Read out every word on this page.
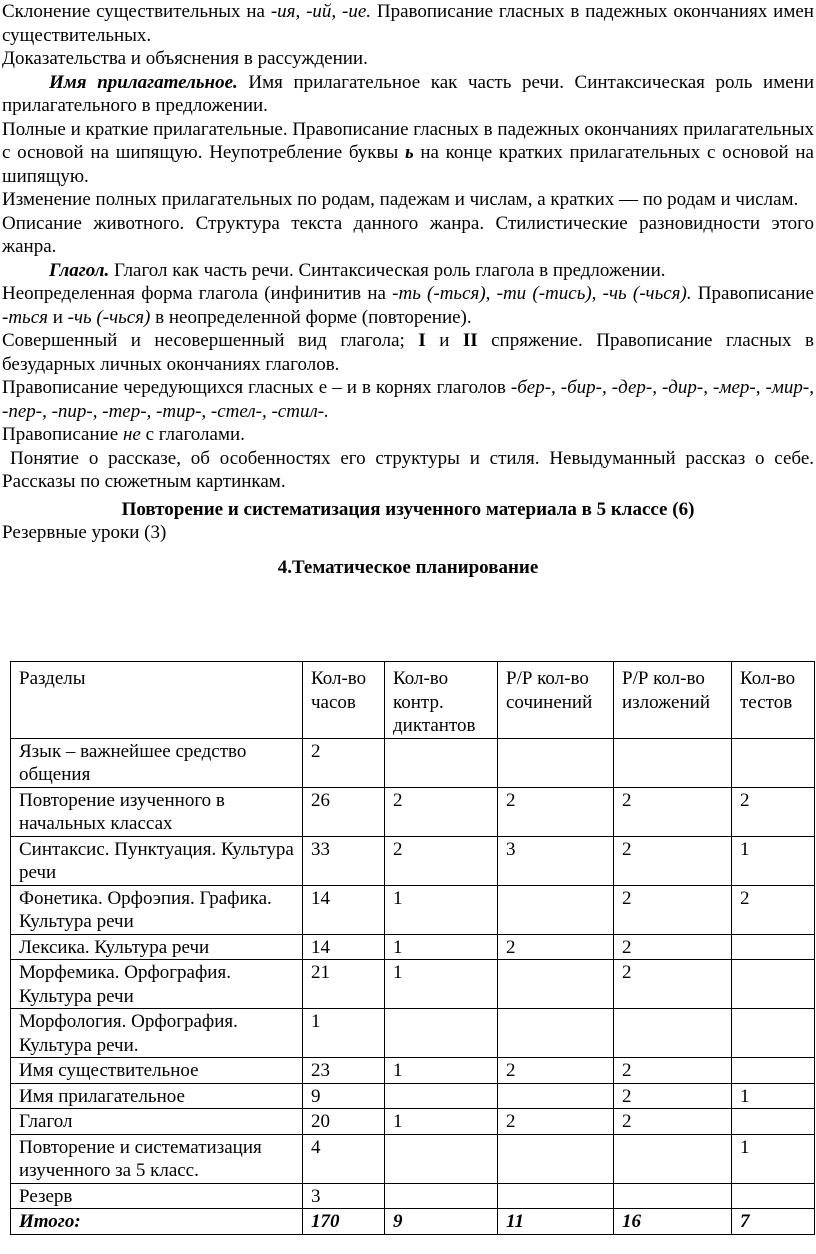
Склонение существительных на -ия, -ий, -ие. Правописание гласных в падежных окончаниях имен существительных.

Доказательства и объяснения в рассуждении.

Имя прилагательное. Имя прилагательное как часть речи. Синтаксическая роль имени прилагательного в предложении.

Полные и краткие прилагательные. Правописание гласных в падежных окончаниях прилагательных с основой на шипящую. Неупотребление буквы ь на конце кратких прилагательных с основой на шипящую.

Изменение полных прилагательных по родам, падежам и числам, а кратких — по родам и числам.

Описание животного. Структура текста данного жанра. Стилистические разновидности этого жанра.

Глагол. Глагол как часть речи. Синтаксическая роль глагола в предложении.

Неопределенная форма глагола (инфинитив на -ть (-ться), -ти (-тись), -чь (-чься). Правописание -ться и -чь (-чься) в неопределенной форме (повторение).

Совершенный и несовершенный вид глагола; I и II спряжение. Правописание гласных в безударных личных окончаниях глаголов.

Правописание чередующихся гласных е – и в корнях глаголов -бер-, -бир-, -дер-, -дир-, -мер-, -мир-, -пер-, -пир-, -тер-, -тир-, -стел-, -стил-.

Правописание не с глаголами.

Понятие о рассказе, об особенностях его структуры и стиля. Невыдуманный рассказ о себе. Рассказы по сюжетным картинкам.

Повторение и систематизация изученного материала в 5 классе (6)

Резервные уроки (3)

4.Тематическое планирование

Разделы	Кол-во часов	Кол-во контр. диктантов	Р/Р кол-во сочинений	Р/Р кол-во изложений	Кол-во тестов
Язык – важнейшее средство общения	2				
Повторение изученного в начальных классах	26	2	2	2	2
Синтаксис. Пунктуация. Культура речи	33	2	3	2	1
Фонетика. Орфоэпия. Графика. Культура речи	14	1		2	2
Лексика. Культура речи	14	1	2	2	
Морфемика. Орфография. Культура речи	21	1		2	
Морфология. Орфография. Культура речи.	1				
Имя существительное	23	1	2	2	
Имя прилагательное	9			2	1
Глагол	20	1	2	2	
Повторение и систематизация изученного за 5 класс.	4				1
Резерв	3				
Итого:	170	9	11	16	7
